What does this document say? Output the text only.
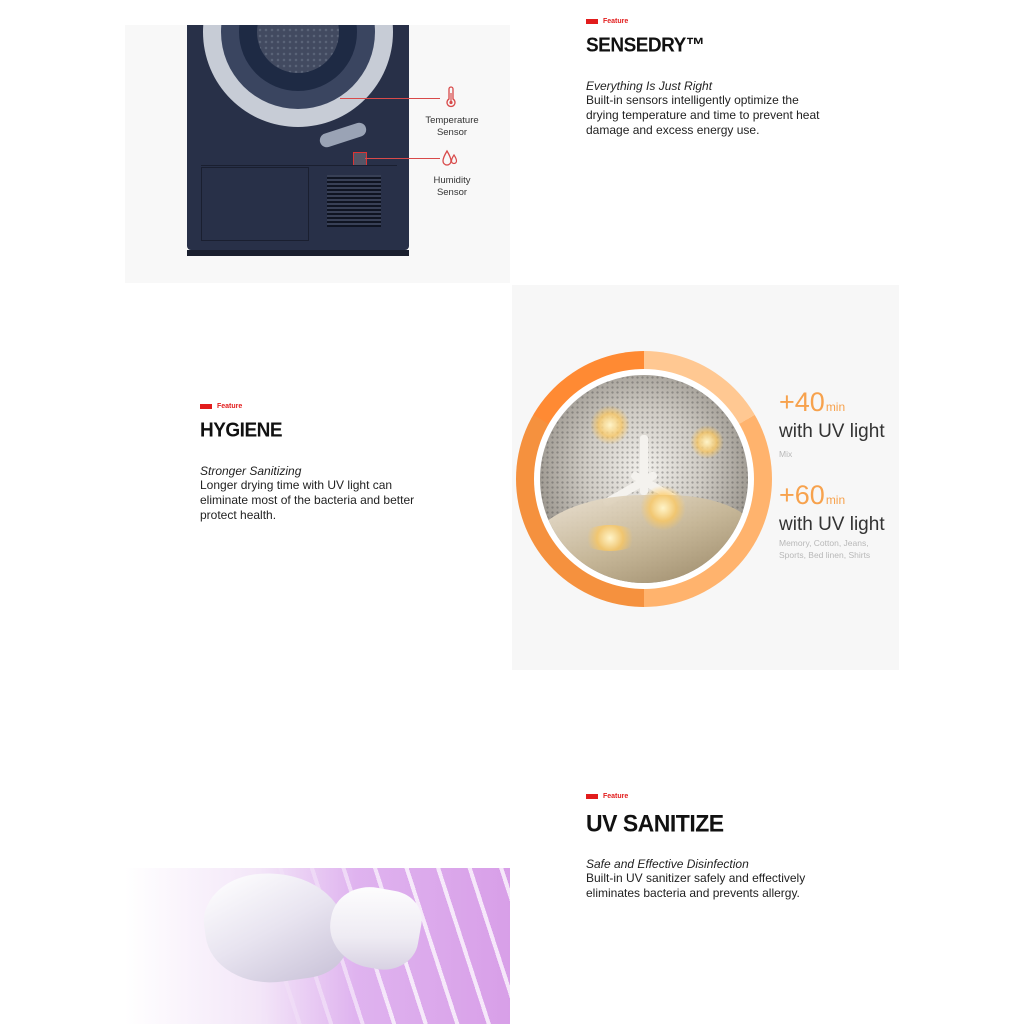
Temperature
Sensor
Humidity
Sensor
Feature
SENSEDRY™
Everything Is Just Right
Built-in sensors intelligently optimize the drying temperature and time to prevent heat damage and excess energy use.
Feature
HYGIENE
Stronger Sanitizing
Longer drying time with UV light can eliminate most of the bacteria and better protect health.
+40min
with UV light
Mix
+60min
with UV light
Memory, Cotton, Jeans, Sports, Bed linen, Shirts
Feature
UV SANITIZE
Safe and Effective Disinfection
Built-in UV sanitizer safely and effectively eliminates bacteria and prevents allergy.
